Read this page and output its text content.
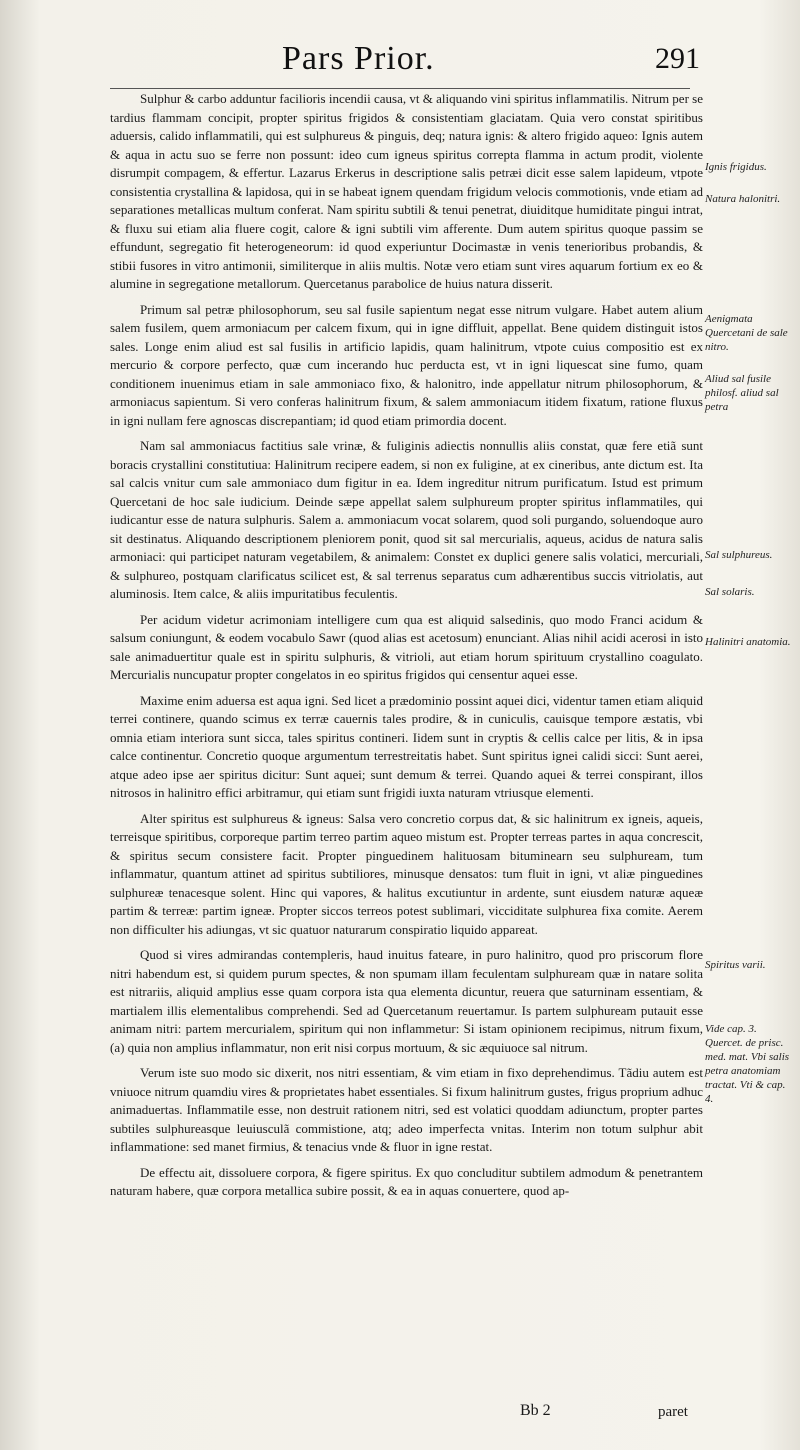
Pars Prior.	291

Sulphur & carbo adduntur facilioris incendii causa, vt & aliquando vini spiritus inflammatilis. Nitrum per se tardius flammam concipit, propter spiritus frigidos & consistentiam glaciatam. Quia vero constat spiritibus aduersis, calido inflammatili, qui est sulphureus & pinguis, deq; natura ignis: & altero frigido aqueo: Ignis autem & aqua in actu suo se ferre non possunt: ideo cum igneus spiritus correpta flamma in actum prodit, violente disrumpit compagem, & effertur. Lazarus Erkerus in descriptione salis petræi dicit esse salem lapideum, vtpote consistentia crystallina & lapidosa, qui in se habeat ignem quendam frigidum velocis commotionis, vnde etiam ad separationes metallicas multum conferat. Nam spiritu subtili & tenui penetrat, diuiditque humiditate pingui intrat, & fluxu sui etiam alia fluere cogit, calore & igni subtili vim afferente. Dum autem spiritus quoque passim se effundunt, segregatio fit heterogeneorum: id quod experiuntur Docimastæ in venis tenerioribus probandis, & stibii fusores in vitro antimonii, similiterque in aliis multis. Notæ vero etiam sunt vires aquarum fortium ex eo & alumine in segregatione metallorum. Quercetanus parabolice de huius natura disserit.

Primum sal petræ philosophorum, seu sal fusile sapientum negat esse nitrum vulgare. Habet autem alium salem fusilem, quem armoniacum per calcem fixum, qui in igne diffluit, appellat. Bene quidem distinguit istos sales. Longe enim aliud est sal fusilis in artificio lapidis, quam halinitrum, vtpote cuius compositio est ex mercurio & corpore perfecto, quæ cum incerando huc perducta est, vt in igni liquescat sine fumo, quam conditionem inuenimus etiam in sale ammoniaco fixo, & halonitro, inde appellatur nitrum philosophorum, & armoniacus sapientum. Si vero conferas halinitrum fixum, & salem ammoniacum itidem fixatum, ratione fluxus in igni nullam fere agnoscas discrepantiam; id quod etiam primordia docent.

Nam sal ammoniacus factitius sale vrinæ, & fuliginis adiectis nonnullis aliis constat, quæ fere etiã sunt boracis crystallini constitutiua: Halinitrum recipere eadem, si non ex fuligine, at ex cineribus, ante dictum est. Ita sal calcis vnitur cum sale ammoniaco dum figitur in ea. Idem ingreditur nitrum purificatum. Istud est primum Quercetani de hoc sale iudicium. Deinde sæpe appellat salem sulphureum propter spiritus inflammatiles, qui iudicantur esse de natura sulphuris. Salem a. ammoniacum vocat solarem, quod soli purgando, soluendoque auro sit destinatus. Aliquando descriptionem pleniorem ponit, quod sit sal mercurialis, aqueus, acidus de natura salis armoniaci: qui participet naturam vegetabilem, & animalem: Constet ex duplici genere salis volatici, mercuriali, & sulphureo, postquam clarificatus scilicet est, & sal terrenus separatus cum adhærentibus succis vitriolatis, aut aluminosis. Item calce, & aliis impuritatibus feculentis.

Per acidum videtur acrimoniam intelligere cum qua est aliquid salsedinis, quo modo Franci acidum & salsum coniungunt, & eodem vocabulo Sawr (quod alias est acetosum) enunciant. Alias nihil acidi acerosi in isto sale animaduertitur quale est in spiritu sulphuris, & vitrioli, aut etiam horum spirituum crystallino coagulato. Mercurialis nuncupatur propter congelatos in eo spiritus frigidos qui censentur aquei esse.

Maxime enim aduersa est aqua igni. Sed licet a prædominio possint aquei dici, videntur tamen etiam aliquid terrei continere, quando scimus ex terræ cauernis tales prodire, & in cuniculis, cauisque tempore æstatis, vbi omnia etiam interiora sunt sicca, tales spiritus contineri. Iidem sunt in cryptis & cellis calce per litis, & in ipsa calce continentur. Concretio quoque argumentum terrestreitatis habet. Sunt spiritus ignei calidi sicci: Sunt aerei, atque adeo ipse aer spiritus dicitur: Sunt aquei; sunt demum & terrei. Quando aquei & terrei conspirant, illos nitrosos in halinitro effici arbitramur, qui etiam sunt frigidi iuxta naturam vtriusque elementi.

Alter spiritus est sulphureus & igneus: Salsa vero concretio corpus dat, & sic halinitrum ex igneis, aqueis, terreisque spiritibus, corporeque partim terreo partim aqueo mistum est. Propter terreas partes in aqua concrescit, & spiritus secum consistere facit. Propter pinguedinem halituosam bituminearn seu sulphuream, tum inflammatur, quantum attinet ad spiritus subtiliores, minusque densatos: tum fluit in igni, vt aliæ pinguedines sulphureæ tenacesque solent. Hinc qui vapores, & halitus excutiuntur in ardente, sunt eiusdem naturæ aqueæ partim & terreæ: partim igneæ. Propter siccos terreos potest sublimari, vicciditate sulphurea fixa comite. Aerem non difficulter his adiungas, vt sic quatuor naturarum conspiratio liquido appareat.

Quod si vires admirandas contempleris, haud inuitus fateare, in puro halinitro, quod pro priscorum flore nitri habendum est, si quidem purum spectes, & non spumam illam feculentam sulphuream quæ in natare solita est nitrariis, aliquid amplius esse quam corpora ista qua elementa dicuntur, reuera que saturninam essentiam, & martialem illis elementalibus comprehendi. Sed ad Quercetanum reuertamur. Is partem sulphuream putauit esse animam nitri: partem mercurialem, spiritum qui non inflammetur: Si istam opinionem recipimus, nitrum fixum, (a) quia non amplius inflammatur, non erit nisi corpus mortuum, & sic æquiuoce sal nitrum.

Verum iste suo modo sic dixerit, nos nitri essentiam, & vim etiam in fixo deprehendimus. Tãdiu autem est vniuoce nitrum quamdiu vires & proprietates habet essentiales. Si fixum halinitrum gustes, frigus proprium adhuc animaduertas. Inflammatile esse, non destruit rationem nitri, sed est volatici quoddam adiunctum, propter partes subtiles sulphureasque leuiusculã commistione, atq; adeo imperfecta vnitas. Interim non totum sulphur abit inflammatione: sed manet firmius, & tenacius vnde & fluor in igne restat.

De effectu ait, dissoluere corpora, & figere spiritus. Ex quo concluditur subtilem admodum & penetrantem naturam habere, quæ corpora metallica subire possit, & ea in aquas conuertere, quod ap-

Ignis frigidus.
Natura halonitri.
Aenigmata Quercetani de sale nitro.
Aliud sal fusile philosf. aliud sal petra
Sal sulphureus.
Sal solaris.
Halinitri anatomia.
Spiritus varii.
Vide cap. 3. Quercet. de prisc. med. mat. Vbi salis petra anatomiam tractat. Vti & cap. 4.
Bb 2	paret
